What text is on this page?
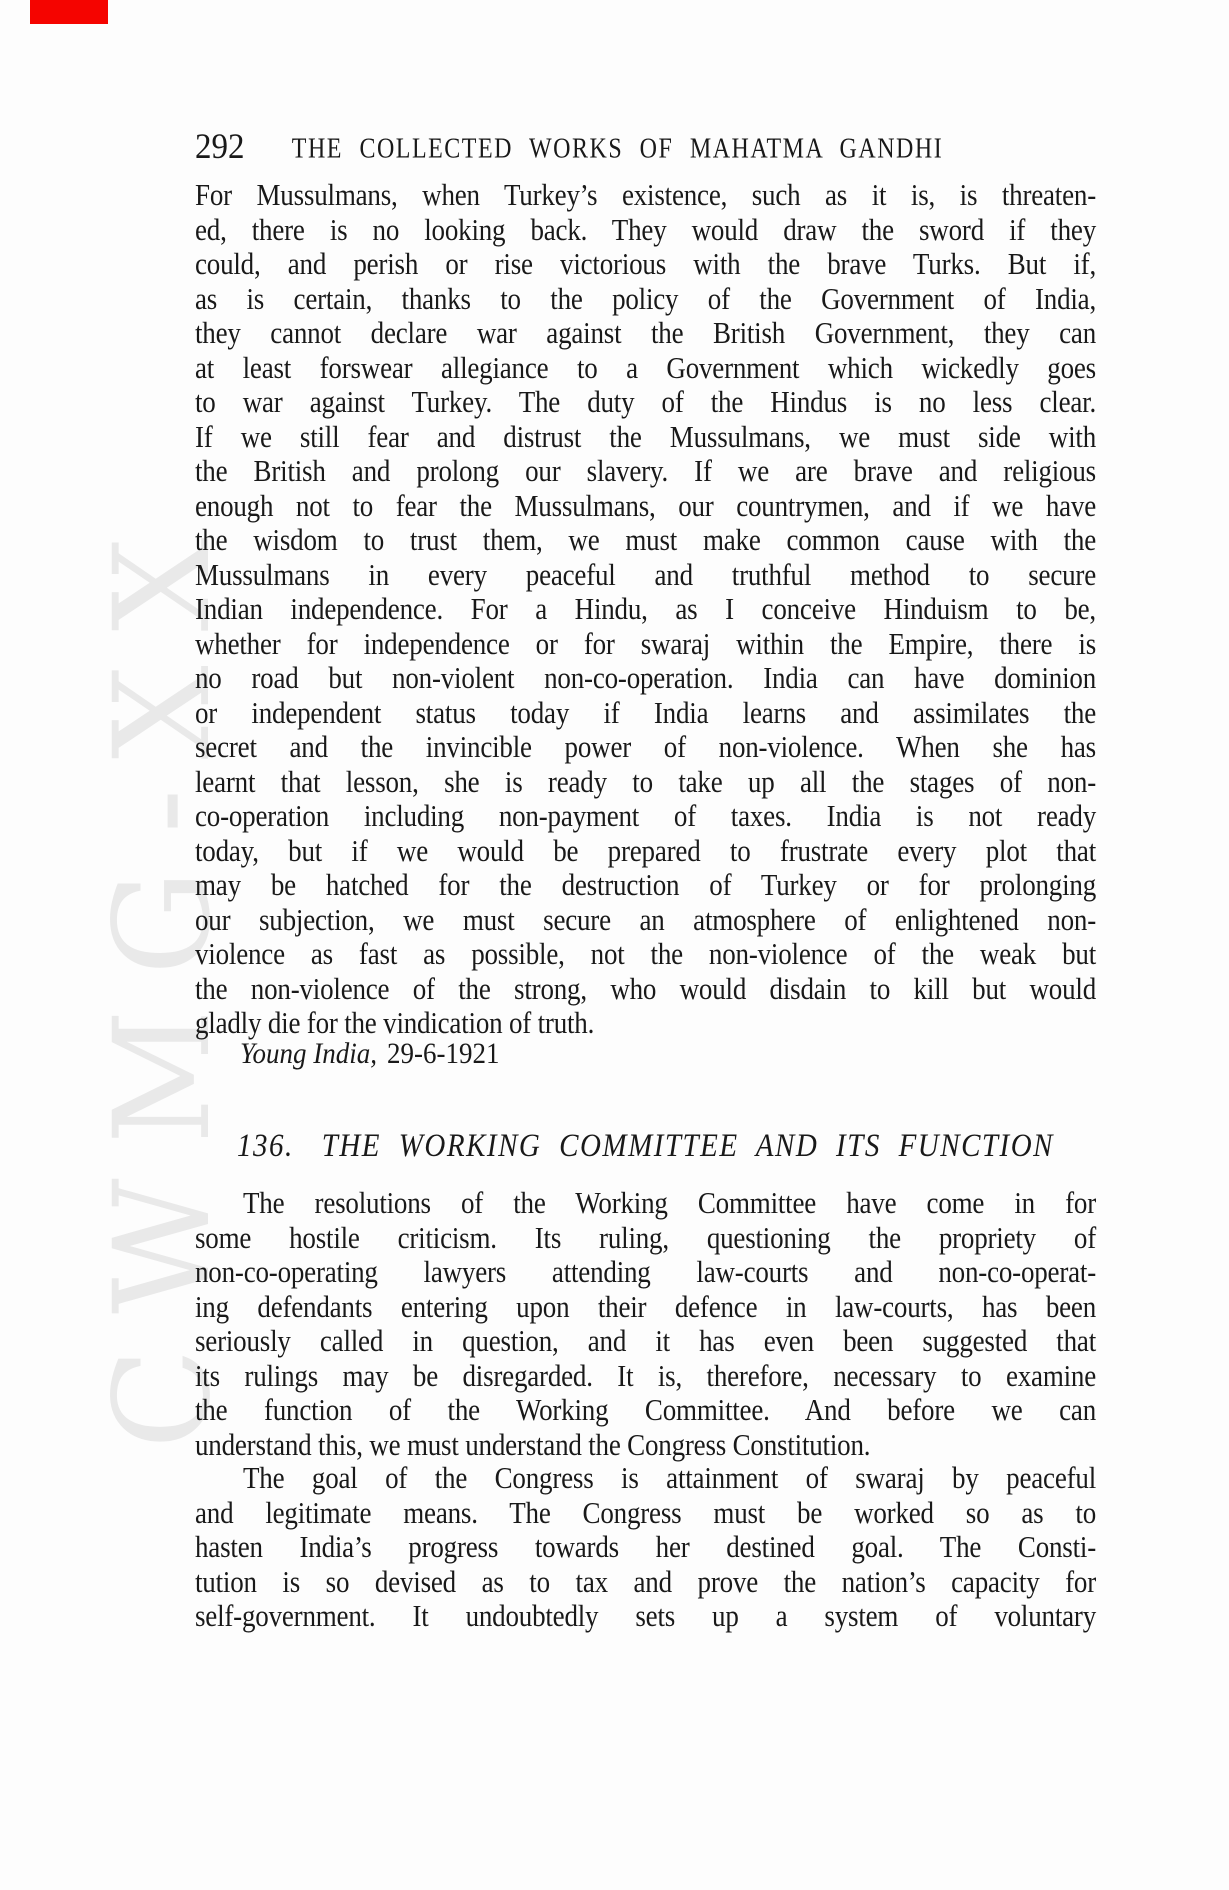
CWMG-XX
292	THE COLLECTED WORKS OF MAHATMA GANDHI
For Mussulmans, when Turkey’s existence, such as it is, is threaten-
ed, there is no looking back. They would draw the sword if they
could, and perish or rise victorious with the brave Turks. But if,
as is certain, thanks to the policy of the Government of India,
they cannot declare war against the British Government, they can
at least forswear allegiance to a Government which wickedly goes
to war against Turkey. The duty of the Hindus is no less clear.
If we still fear and distrust the Mussulmans, we must side with
the British and prolong our slavery. If we are brave and religious
enough not to fear the Mussulmans, our countrymen, and if we have
the wisdom to trust them, we must make common cause with the
Mussulmans in every peaceful and truthful method to secure
Indian independence. For a Hindu, as I conceive Hinduism to be,
whether for independence or for swaraj within the Empire, there is
no road but non-violent non-co-operation. India can have dominion
or independent status today if India learns and assimilates the
secret and the invincible power of non-violence. When she has
learnt that lesson, she is ready to take up all the stages of non-
co-operation including non-payment of taxes. India is not ready
today, but if we would be prepared to frustrate every plot that
may be hatched for the destruction of Turkey or for prolonging
our subjection, we must secure an atmosphere of enlightened non-
violence as fast as possible, not the non-violence of the weak but
the non-violence of the strong, who would disdain to kill but would
gladly die for the vindication of truth.
Young India, 29-6-1921
136. THE WORKING COMMITTEE AND ITS FUNCTION
The resolutions of the Working Committee have come in for
some hostile criticism. Its ruling, questioning the propriety of
non-co-operating lawyers attending law-courts and non-co-operat-
ing defendants entering upon their defence in law-courts, has been
seriously called in question, and it has even been suggested that
its rulings may be disregarded. It is, therefore, necessary to examine
the function of the Working Committee. And before we can
understand this, we must understand the Congress Constitution.
The goal of the Congress is attainment of swaraj by peaceful
and legitimate means. The Congress must be worked so as to
hasten India’s progress towards her destined goal. The Consti-
tution is so devised as to tax and prove the nation’s capacity for
self-government. It undoubtedly sets up a system of voluntary
